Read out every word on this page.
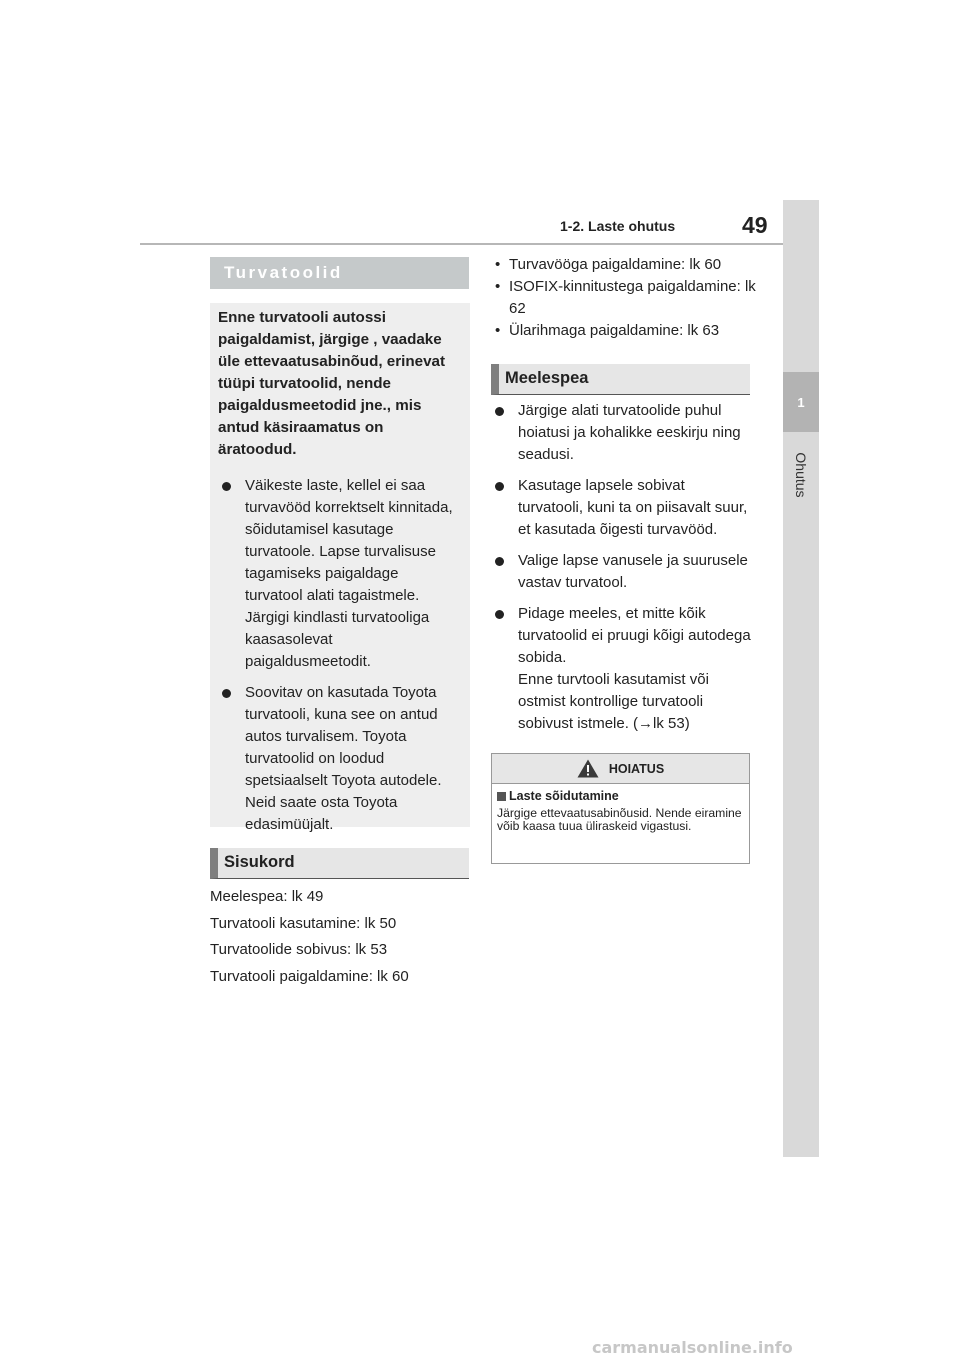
1-2. Laste ohutus	49
1
Ohutus
Turvatoolid

Enne turvatooli autossi paigaldamist, järgige , vaadake üle ettevaatusabinõud, erinevat tüüpi turvatoolid, nende paigaldusmeetodid jne., mis antud käsiraamatus on äratoodud.

Väikeste laste, kellel ei saa turvavööd korrektselt kinnitada, sõidutamisel kasutage turvatoole. Lapse turvalisuse tagamiseks paigaldage turvatool alati tagaistmele. Järgigi kindlasti turvatooliga kaasasolevat paigaldusmeetodit.
Soovitav on kasutada Toyota turvatooli, kuna see on antud autos turvalisem. Toyota turvatoolid on loodud spetsiaalselt Toyota autodele. Neid saate osta Toyota edasimüüjalt.
Sisukord
Meelespea: lk 49
Turvatooli kasutamine: lk 50
Turvatoolide sobivus: lk 53
Turvatooli paigaldamine: lk 60
• Turvavööga paigaldamine: lk 60
• ISOFIX-kinnitustega paigaldamine: lk 62
• Ülarihmaga paigaldamine: lk 63
Meelespea
Järgige alati turvatoolide puhul hoiatusi ja kohalikke eeskirju ning seadusi.
Kasutage lapsele sobivat turvatooli, kuni ta on piisavalt suur, et kasutada õigesti turvavööd.
Valige lapse vanusele ja suurusele vastav turvatool.
Pidage meeles, et mitte kõik turvatoolid ei pruugi kõigi autodega sobida.
Enne turvtooli kasutamist või ostmist kontrollige turvatooli sobivust istmele. (→lk 53)
HOIATUS
Laste sõidutamine
Järgige ettevaatusabinõusid. Nende eiramine võib kaasa tuua üliraskeid vigastusi.
carmanualsonline.info
